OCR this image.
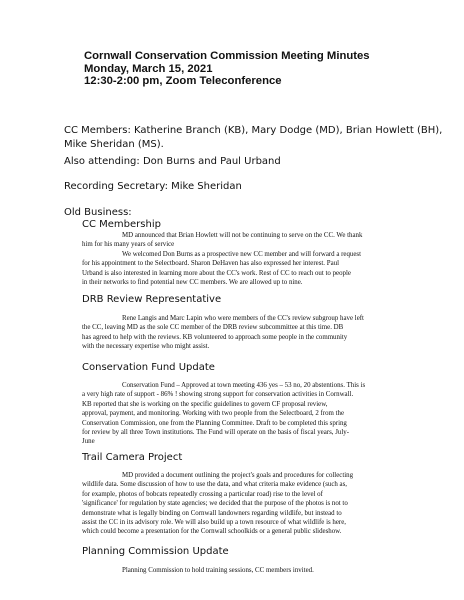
Cornwall Conservation Commission Meeting Minutes
Monday, March 15, 2021
12:30-2:00 pm, Zoom Teleconference
CC Members: Katherine Branch (KB), Mary Dodge (MD), Brian Howlett (BH),
Mike Sheridan (MS).
Also attending: Don Burns and Paul Urband
Recording Secretary: Mike Sheridan
Old Business:
CC Membership
MD announced that Brian Howlett will not be continuing to serve on the CC. We thank
him for his many years of service
We welcomed Don Burns as a prospective new CC member and will forward a request
for his appointment to the Selectboard. Sharon DeHaven has also expressed her interest. Paul
Urband is also interested in learning more about the CC's work. Rest of CC to reach out to people
in their networks to find potential new CC members. We are allowed up to nine.
DRB Review Representative
Rene Langis and Marc Lapin who were members of the CC's review subgroup have left
the CC, leaving MD as the sole CC member of the DRB review subcommittee at this time. DB
has agreed to help with the reviews. KB volunteered to approach some people in the community
with the necessary expertise who might assist.
Conservation Fund Update
Conservation Fund – Approved at town meeting 436 yes – 53 no, 20 abstentions. This is
a very high rate of support - 86% ! showing strong support for conservation activities in Cornwall.
KB reported that she is working on the specific guidelines to govern CF proposal review,
approval, payment, and monitoring. Working with two people from the Selectboard, 2 from the
Conservation Commission, one from the Planning Committee. Draft to be completed this spring
for review by all three Town institutions. The Fund will operate on the basis of fiscal years, July-
June
Trail Camera Project
MD provided a document outlining the project's goals and procedures for collecting
wildlife data. Some discussion of how to use the data, and what criteria make evidence (such as,
for example, photos of bobcats repeatedly crossing a particular road) rise to the level of
'significance' for regulation by state agencies; we decided that the purpose of the photos is not to
demonstrate what is legally binding on Cornwall landowners regarding wildlife, but instead to
assist the CC in its advisory role. We will also build up a town resource of what wildlife is here,
which could become a presentation for the Cornwall schoolkids or a general public slideshow.
Planning Commission Update
Planning Commission to hold training sessions, CC members invited.
